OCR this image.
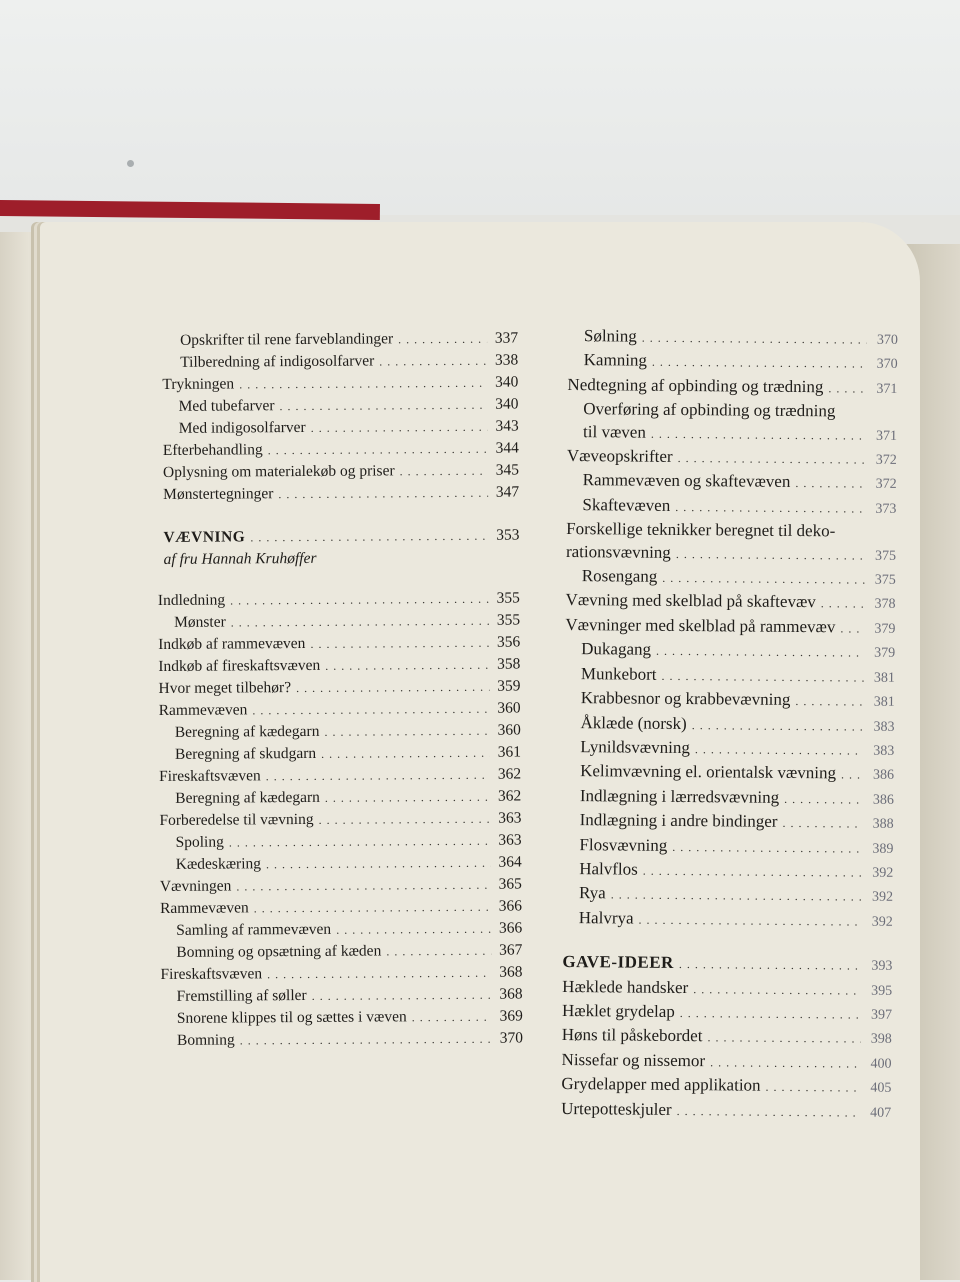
Opskrifter til rene farveblandinger . . .	337
Tilberedning af indigosolfarver . . .	338
Trykningen . . .	340
Med tubefarver . . .	340
Med indigosolfarver . . .	343
Efterbehandling . . .	344
Oplysning om materialekøb og priser . . .	345
Mønstertegninger . . .	347
VÆVNING . . .	353
af fru Hannah Kruhøffer
Indledning . . .	355
Mønster . . .	355
Indkøb af rammevæven . . .	356
Indkøb af fireskaftsvæven . . .	358
Hvor meget tilbehør? . . .	359
Rammevæven . . .	360
Beregning af kædegarn . . .	360
Beregning af skudgarn . . .	361
Fireskaftsvæven . . .	362
Beregning af kædegarn . . .	362
Forberedelse til vævning . . .	363
Spoling . . .	363
Kædeskæring . . .	364
Vævningen . . .	365
Rammevæven . . .	366
Samling af rammevæven . . .	366
Bomning og opsætning af kæden . . .	367
Fireskaftsvæven . . .	368
Fremstilling af søller . . .	368
Snorene klippes til og sættes i væven . . .	369
Bomning . . .	370
Sølning . . .	370
Kamning . . .	370
Nedtegning af opbinding og trædning . . .	371
Overføring af opbinding og trædning
til væven . . .	371
Væveopskrifter . . .	372
Rammevæven og skaftevæven . . .	372
Skaftevæven . . .	373
Forskellige teknikker beregnet til deko-
rationsvævning . . .	375
Rosengang . . .	375
Vævning med skelblad på skaftevæv . . .	378
Vævninger med skelblad på rammevæv . . .	379
Dukagang . . .	379
Munkebort . . .	381
Krabbesnor og krabbevævning . . .	381
Åklæde (norsk) . . .	383
Lynildsvævning . . .	383
Kelimvævning el. orientalsk vævning . . .	386
Indlægning i lærredsvævning . . .	386
Indlægning i andre bindinger . . .	388
Flosvævning . . .	389
Halvflos . . .	392
Rya . . .	392
Halvrya . . .	392
GAVE-IDEER . . .	393
Hæklede handsker . . .	395
Hæklet grydelap . . .	397
Høns til påskebordet . . .	398
Nissefar og nissemor . . .	400
Grydelapper med applikation . . .	405
Urtepotteskjuler . . .	407
